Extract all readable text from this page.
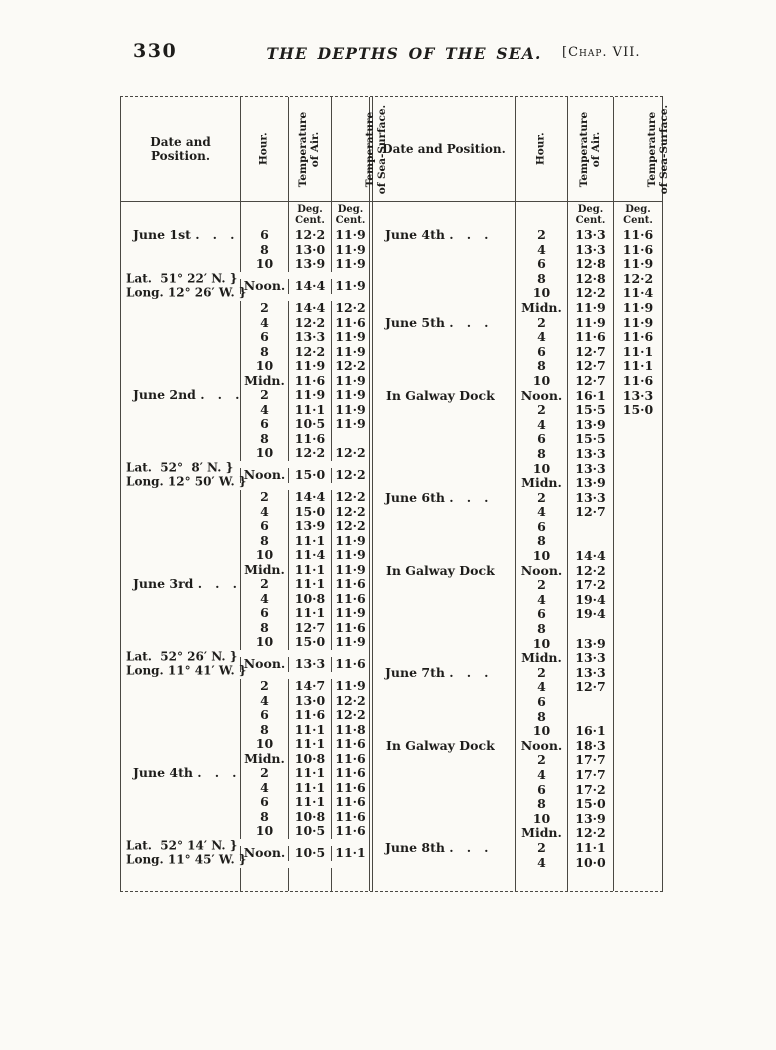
330	THE DEPTHS OF THE SEA. [Chap. VII.
Date and Position.	Hour.	Temperature
of Air.	Temperature
of Sea-Surface.
Date and Position.	Hour.	Temperature
of Air.	Temperature
of Sea-Surface.
Deg.
Cent.
Deg.
Cent.
June 1st .   .   .	6	12·2 11·9
8	13·0 11·9
10	13·9 11·9
Lat.  51° 22′ N. }
Long. 12° 26′ W. }
Noon. 14·4 11·9
2	14·4 12·2
4	12·2 11·6
6	13·3 11·9
8	12·2 11·9
10	11·9 12·2
Midn. 11·6 11·9
June 2nd .   .   .	2	11·9 11·9
4	11·1 11·9
6	10·5 11·9
8	11·6
10	12·2 12·2
Lat.  52°  8′ N. }
Long. 12° 50′ W. }
Noon. 15·0 12·2
2	14·4 12·2
4	15·0 12·2
6	13·9 12·2
8	11·1 11·9
10	11·4 11·9
Midn. 11·1 11·9
June 3rd .   .   .	2	11·1 11·6
4	10·8 11·6
6	11·1 11·9
8	12·7 11·6
10	15·0 11·9
Lat.  52° 26′ N. }
Long. 11° 41′ W. }
Noon. 13·3 11·6
2	14·7 11·9
4	13·0 12·2
6	11·6 12·2
8	11·1 11·8
10	11·1 11·6
Midn. 10·8 11·6
June 4th .   .   .	2	11·1 11·6
4	11·1 11·6
6	11·1 11·6
8	10·8 11·6
10	10·5 11·6
Lat.  52° 14′ N. }
Long. 11° 45′ W. }
Noon. 10·5 11·1
Deg.
Cent.
Deg.
Cent.
June 4th .   .   .	2	13·3	11·6
4	13·3	11·6
6	12·8	11·9
8	12·8	12·2
10	12·2	11·4
Midn.	11·9	11·9
June 5th .   .   .	2	11·9	11·9
4	11·6	11·6
6	12·7	11·1
8	12·7	11·1
10	12·7	11·6
In Galway Dock	Noon.	16·1	13·3
2	15·5	15·0
4	13·9
6	15·5
8	13·3
10	13·3
Midn.	13·9
June 6th .   .   .	2	13·3
4	12·7
6
8
10	14·4
In Galway Dock	Noon.	12·2
2	17·2
4	19·4
6	19·4
8
10	13·9
Midn.	13·3
June 7th .   .   .	2	13·3
4	12·7
6
8
10	16·1
In Galway Dock	Noon.	18·3
2	17·7
4	17·7
6	17·2
8	15·0
10	13·9
Midn.	12·2
June 8th .   .   .	2	11·1
4	10·0
